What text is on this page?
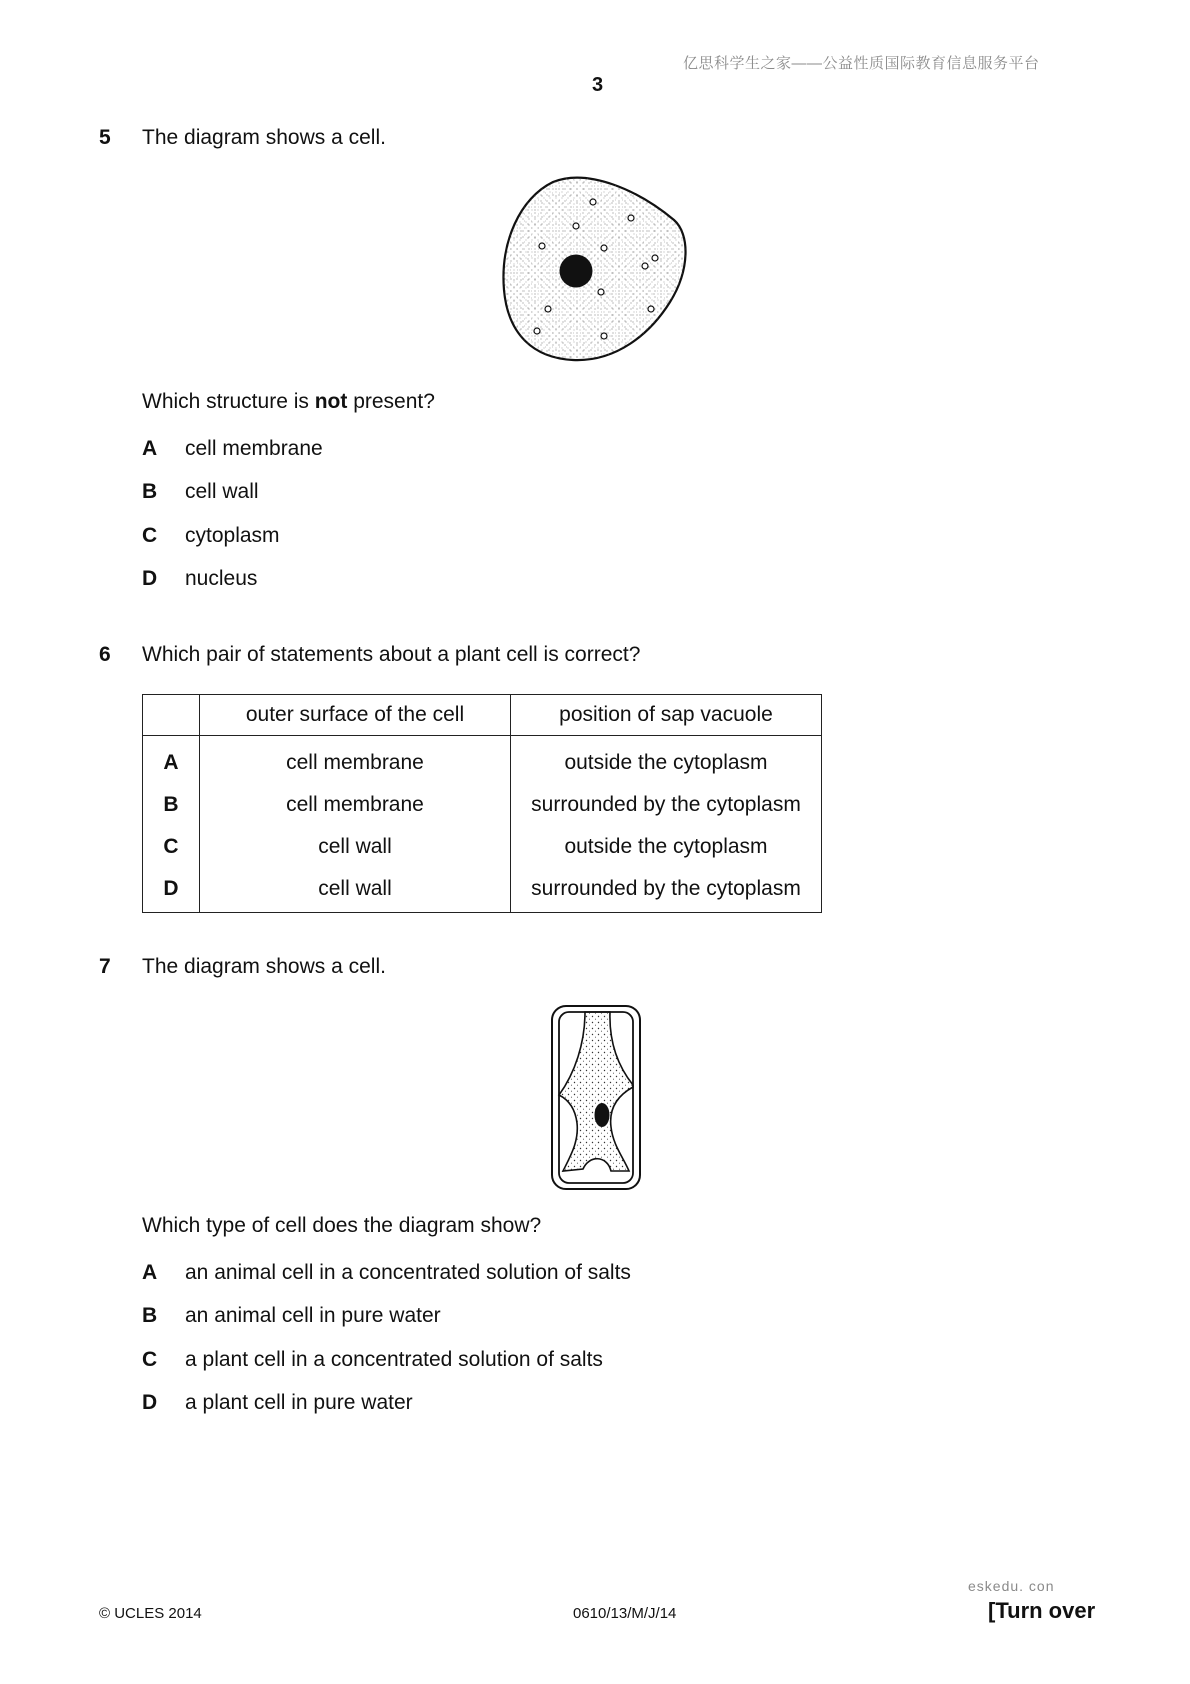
亿思科学生之家——公益性质国际教育信息服务平台
3
5 The diagram shows a cell.
Which structure is not present?
A cell membrane
B cell wall
C cytoplasm
D nucleus
6 Which pair of statements about a plant cell is correct?
	outer surface of the cell	position of sap vacuole
A	cell membrane	outside the cytoplasm
B	cell membrane	surrounded by the cytoplasm
C	cell wall	outside the cytoplasm
D	cell wall	surrounded by the cytoplasm
7 The diagram shows a cell.
Which type of cell does the diagram show?
A an animal cell in a concentrated solution of salts
B an animal cell in pure water
C a plant cell in a concentrated solution of salts
D a plant cell in pure water
eskedu. con
© UCLES 2014	0610/13/M/J/14	[Turn over
